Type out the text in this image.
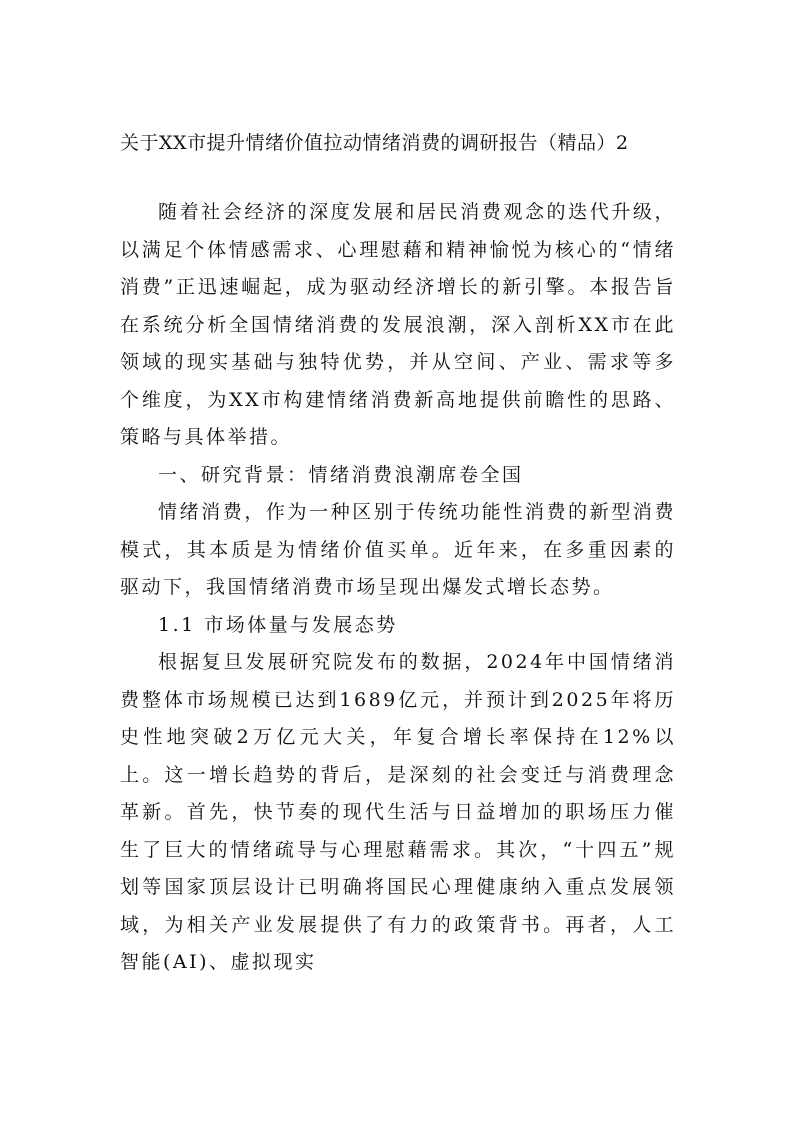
关于XX市提升情绪价值拉动情绪消费的调研报告（精品）2

随着社会经济的深度发展和居民消费观念的迭代升级，以满足个体情感需求、心理慰藉和精神愉悦为核心的“情绪消费”正迅速崛起，成为驱动经济增长的新引擎。本报告旨在系统分析全国情绪消费的发展浪潮，深入剖析XX市在此领域的现实基础与独特优势，并从空间、产业、需求等多个维度，为XX市构建情绪消费新高地提供前瞻性的思路、策略与具体举措。

一、研究背景：情绪消费浪潮席卷全国

情绪消费，作为一种区别于传统功能性消费的新型消费模式，其本质是为情绪价值买单。近年来，在多重因素的驱动下，我国情绪消费市场呈现出爆发式增长态势。

1.1 市场体量与发展态势

根据复旦发展研究院发布的数据，2024年中国情绪消费整体市场规模已达到1689亿元，并预计到2025年将历史性地突破2万亿元大关，年复合增长率保持在12%以上。这一增长趋势的背后，是深刻的社会变迁与消费理念革新。首先，快节奏的现代生活与日益增加的职场压力催生了巨大的情绪疏导与心理慰藉需求。其次，“十四五”规划等国家顶层设计已明确将国民心理健康纳入重点发展领域，为相关产业发展提供了有力的政策背书。再者，人工智能(AI)、虚拟现实
